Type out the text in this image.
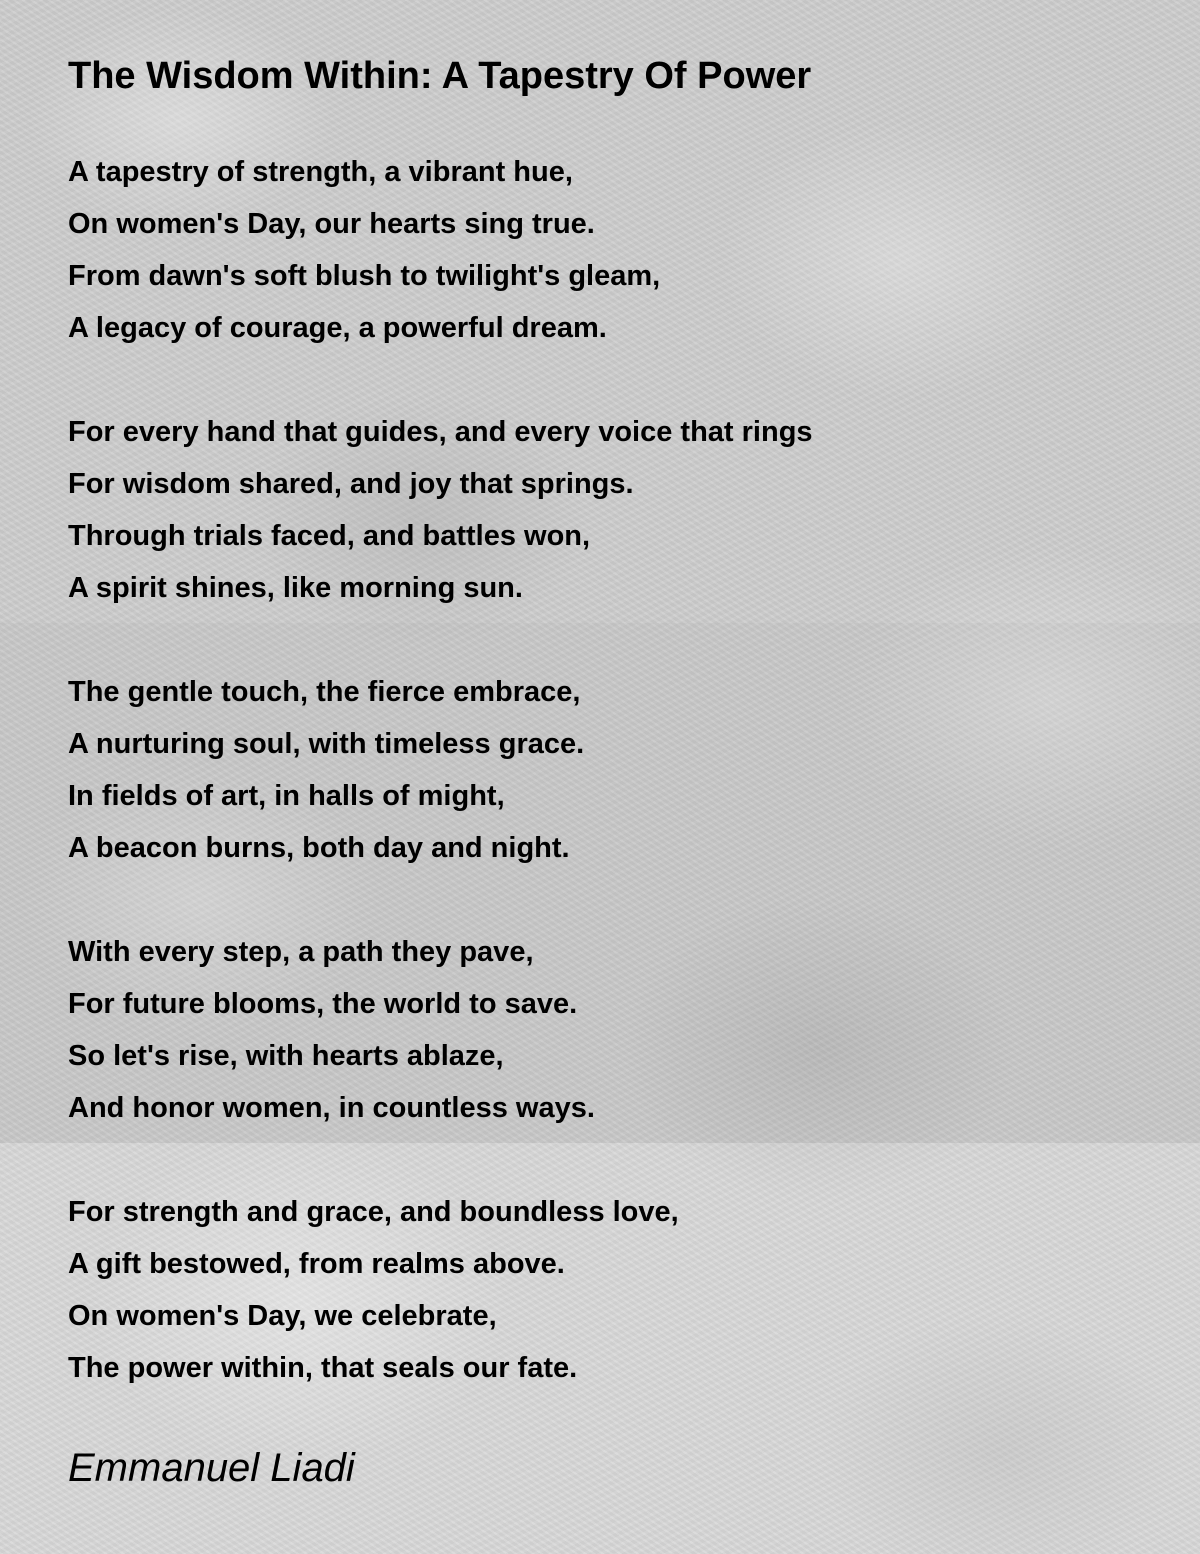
The Wisdom Within: A Tapestry Of Power
A tapestry of strength, a vibrant hue,
On women's Day, our hearts sing true.
From dawn's soft blush to twilight's gleam,
A legacy of courage, a powerful dream.
For every hand that guides, and every voice that rings
For wisdom shared, and joy that springs.
Through trials faced, and battles won,
A spirit shines, like morning sun.
The gentle touch, the fierce embrace,
A nurturing soul, with timeless grace.
In fields of art, in halls of might,
A beacon burns, both day and night.
With every step, a path they pave,
For future blooms, the world to save.
So let's rise, with hearts ablaze,
And honor women, in countless ways.
For strength and grace, and boundless love,
A gift bestowed, from realms above.
On women's Day, we celebrate,
The power within, that seals our fate.
Emmanuel Liadi
